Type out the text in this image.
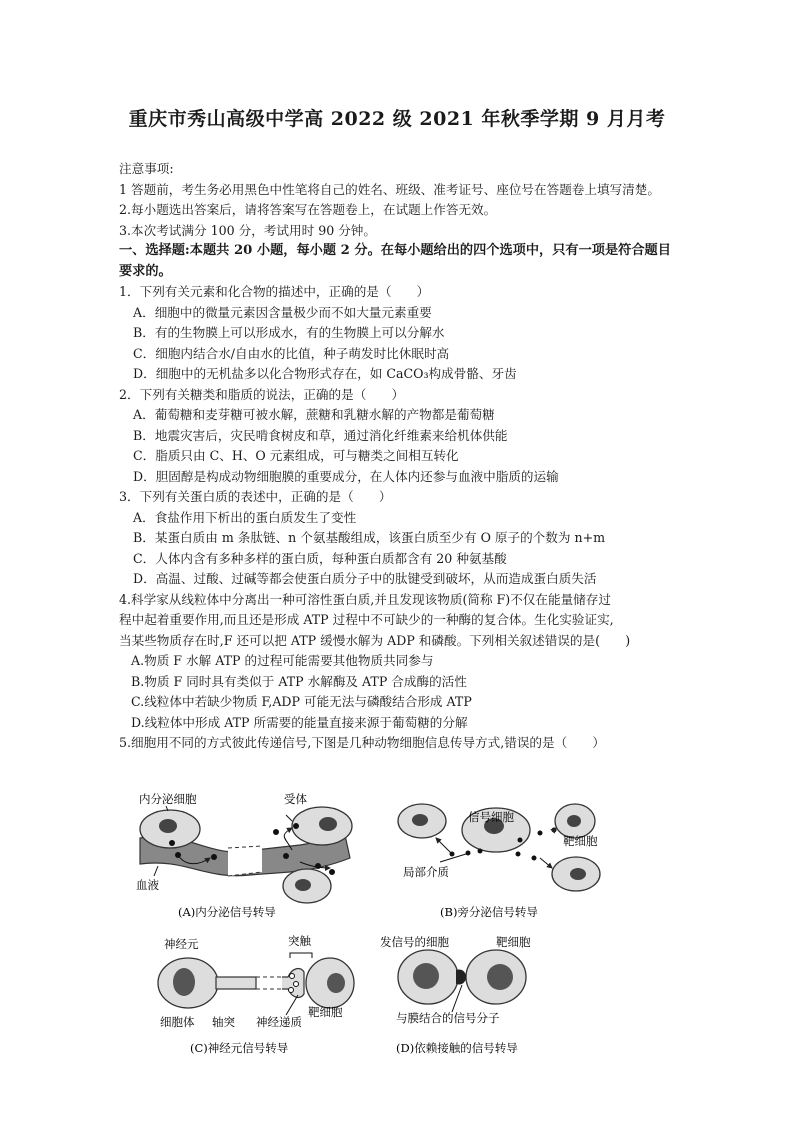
重庆市秀山高级中学高 2022 级 2021 年秋季学期 9 月月考
注意事项:
1 答题前，考生务必用黑色中性笔将自己的姓名、班级、准考证号、座位号在答题卷上填写清楚。
2.每小题选出答案后，请将答案写在答题卷上，在试题上作答无效。
3.本次考试满分 100 分，考试用时 90 分钟。
一、选择题:本题共 20 小题，每小题 2 分。在每小题给出的四个选项中，只有一项是符合题目要求的。
1．下列有关元素和化合物的描述中，正确的是（　　）
A．细胞中的微量元素因含量极少而不如大量元素重要
B．有的生物膜上可以形成水，有的生物膜上可以分解水
C．细胞内结合水/自由水的比值，种子萌发时比休眠时高
D．细胞中的无机盐多以化合物形式存在，如 CaCO₃构成骨骼、牙齿
2．下列有关糖类和脂质的说法，正确的是（　　）
A．葡萄糖和麦芽糖可被水解，蔗糖和乳糖水解的产物都是葡萄糖
B．地震灾害后，灾民啃食树皮和草，通过消化纤维素来给机体供能
C．脂质只由 C、H、O 元素组成，可与糖类之间相互转化
D．胆固醇是构成动物细胞膜的重要成分，在人体内还参与血液中脂质的运输
3．下列有关蛋白质的表述中，正确的是（　　）
A．食盐作用下析出的蛋白质发生了变性
B．某蛋白质由 m 条肽链、n 个氨基酸组成，该蛋白质至少有 O 原子的个数为 n+m
C．人体内含有多种多样的蛋白质，每种蛋白质都含有 20 种氨基酸
D．高温、过酸、过碱等都会使蛋白质分子中的肽键受到破坏，从而造成蛋白质失活
4.科学家从线粒体中分离出一种可溶性蛋白质,并且发现该物质(简称 F)不仅在能量储存过
程中起着重要作用,而且还是形成 ATP 过程中不可缺少的一种酶的复合体。生化实验证实,
当某些物质存在时,F 还可以把 ATP 缓慢水解为 ADP 和磷酸。下列相关叙述错误的是(　　)
A.物质 F 水解 ATP 的过程可能需要其他物质共同参与
B.物质 F 同时具有类似于 ATP 水解酶及 ATP 合成酶的活性
C.线粒体中若缺少物质 F,ADP 可能无法与磷酸结合形成 ATP
D.线粒体中形成 ATP 所需要的能量直接来源于葡萄糖的分解
5.细胞用不同的方式彼此传递信号,下图是几种动物细胞信息传导方式,错误的是（　　）
内分泌细胞	受体
血液
(A)内分泌信号转导
信号细胞
靶细胞
局部介质
(B)旁分泌信号转导
神经元	突触
细胞体 轴突 神经递质
靶细胞
(C)神经元信号转导
发信号的细胞	靶细胞
与膜结合的信号分子
(D)依赖接触的信号转导
